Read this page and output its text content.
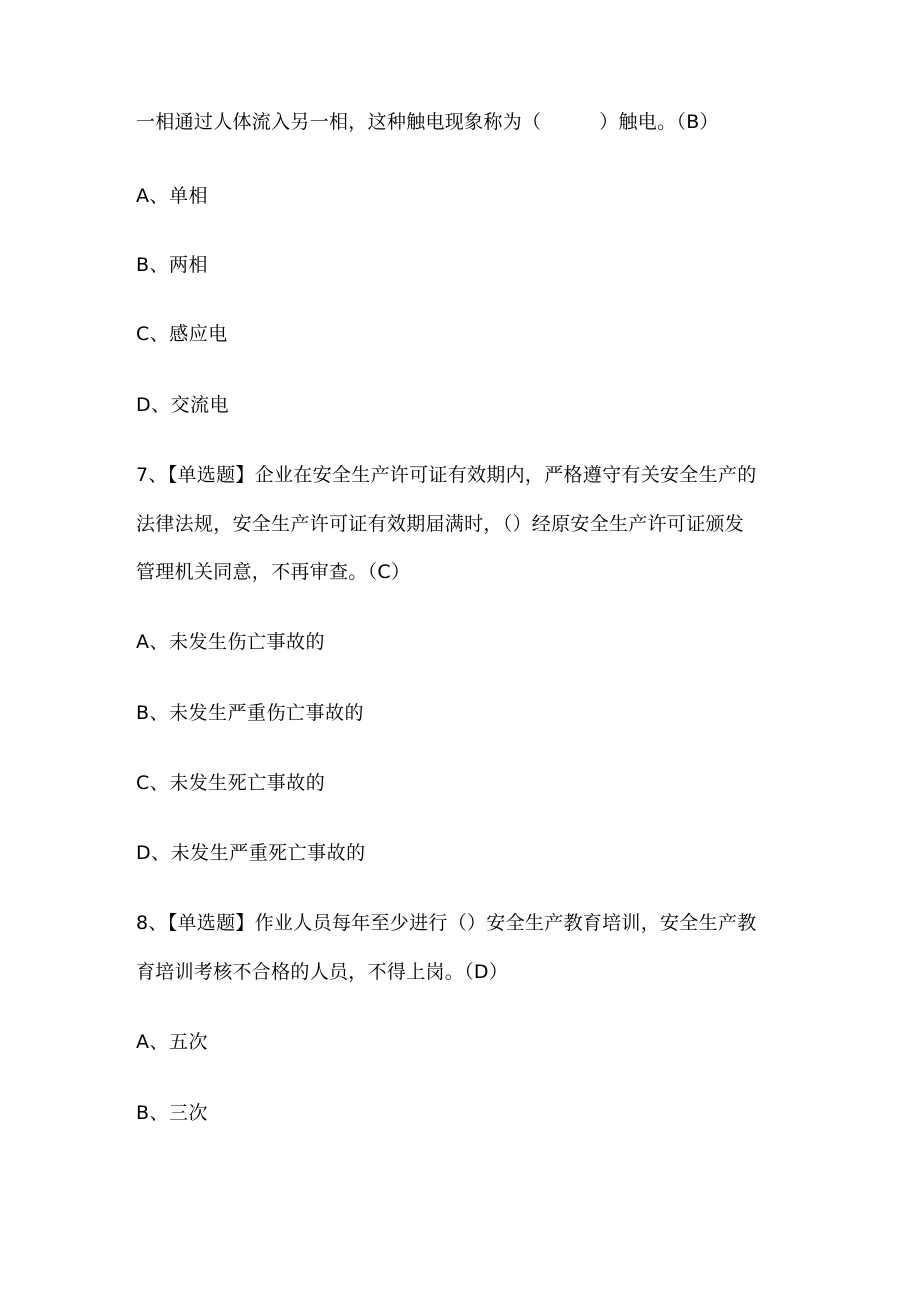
一相通过人体流入另一相，这种触电现象称为（　　　）触电。（B）
A、单相
B、两相
C、感应电
D、交流电
7、【单选题】企业在安全生产许可证有效期内，严格遵守有关安全生产的
法律法规，安全生产许可证有效期届满时，（）经原安全生产许可证颁发
管理机关同意，不再审查。（C）
A、未发生伤亡事故的
B、未发生严重伤亡事故的
C、未发生死亡事故的
D、未发生严重死亡事故的
8、【单选题】作业人员每年至少进行（）安全生产教育培训，安全生产教
育培训考核不合格的人员，不得上岗。（D）
A、五次
B、三次
